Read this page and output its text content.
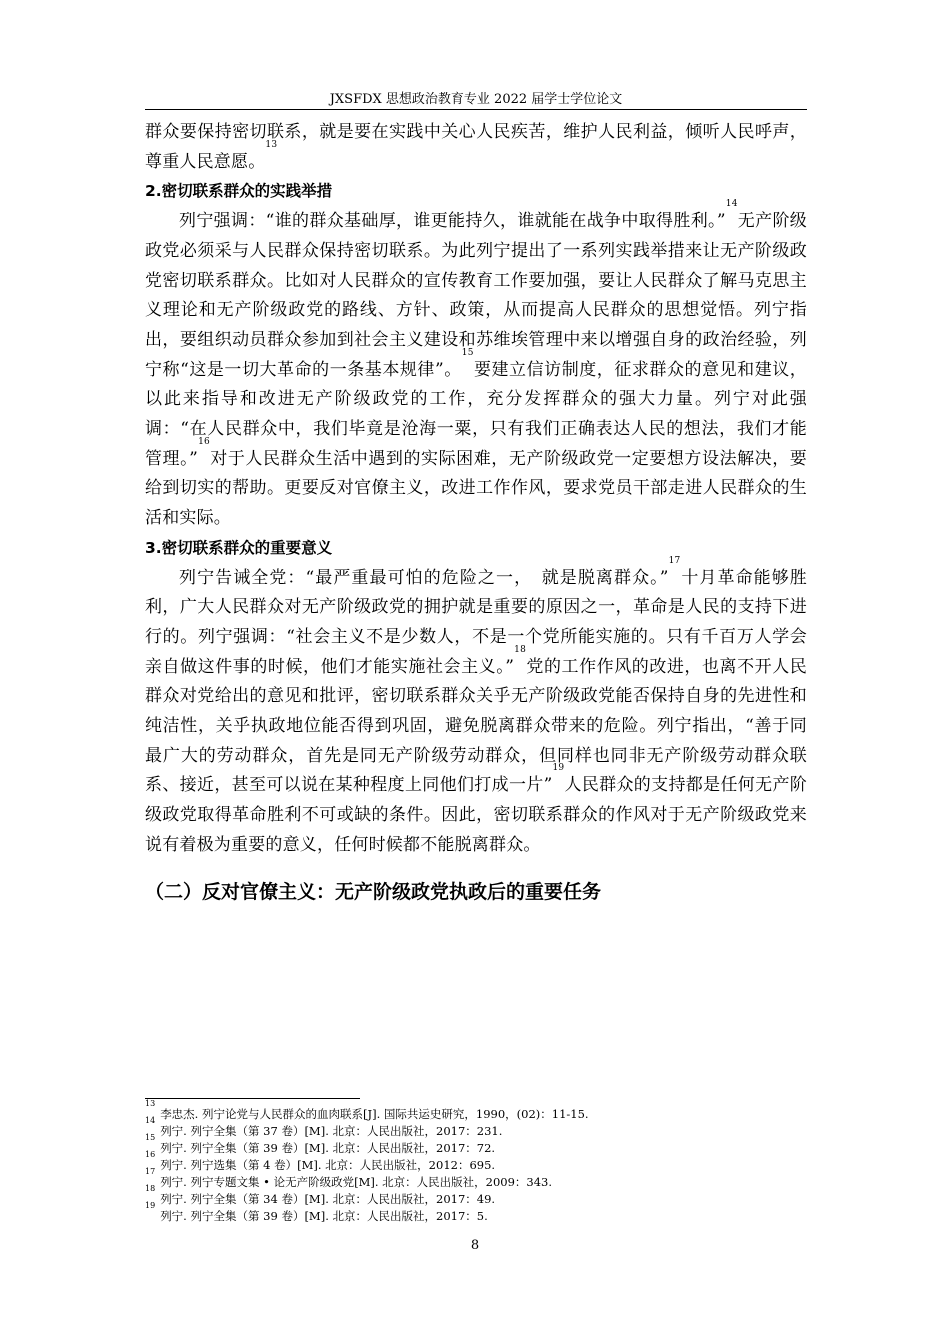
JXSFDX 思想政治教育专业 2022 届学士学位论文

群众要保持密切联系，就是要在实践中关心人民疾苦，维护人民利益，倾听人民呼声，尊重人民意愿。$^{13}$

2.密切联系群众的实践举措

列宁强调：“谁的群众基础厚，谁更能持久，谁就能在战争中取得胜利。”$^{14}$无产阶级政党必须采与人民群众保持密切联系。为此列宁提出了一系列实践举措来让无产阶级政党密切联系群众。比如对人民群众的宣传教育工作要加强，要让人民群众了解马克思主义理论和无产阶级政党的路线、方针、政策，从而提高人民群众的思想觉悟。列宁指出，要组织动员群众参加到社会主义建设和苏维埃管理中来以增强自身的政治经验，列宁称“这是一切大革命的一条基本规律”。$^{15}$要建立信访制度，征求群众的意见和建议，以此来指导和改进无产阶级政党的工作，充分发挥群众的强大力量。列宁对此强调：“在人民群众中，我们毕竟是沧海一粟，只有我们正确表达人民的想法，我们才能管理。”$^{16}$对于人民群众生活中遇到的实际困难，无产阶级政党一定要想方设法解决，要给到切实的帮助。更要反对官僚主义，改进工作作风，要求党员干部走进人民群众的生活和实际。

3.密切联系群众的重要意义

列宁告诫全党：“最严重最可怕的危险之一，　就是脱离群众。”$^{17}$十月革命能够胜利，广大人民群众对无产阶级政党的拥护就是重要的原因之一，革命是人民的支持下进行的。列宁强调：“社会主义不是少数人，不是一个党所能实施的。只有千百万人学会亲自做这件事的时候，他们才能实施社会主义。”$^{18}$党的工作作风的改进，也离不开人民群众对党给出的意见和批评，密切联系群众关乎无产阶级政党能否保持自身的先进性和纯洁性，关乎执政地位能否得到巩固，避免脱离群众带来的危险。列宁指出，“善于同最广大的劳动群众，首先是同无产阶级劳动群众，但同样也同非无产阶级劳动群众联系、接近，甚至可以说在某种程度上同他们打成一片”$^{19}$人民群众的支持都是任何无产阶级政党取得革命胜利不可或缺的条件。因此，密切联系群众的作风对于无产阶级政党来说有着极为重要的意义，任何时候都不能脱离群众。

（二）反对官僚主义：无产阶级政党执政后的重要任务

$^{13}$李忠杰. 列宁论党与人民群众的血肉联系[J]. 国际共运史研究，1990，(02)：11-15.

$^{14}$列宁. 列宁全集（第 37 卷）[M]. 北京：人民出版社，2017：231.

$^{15}$列宁. 列宁全集（第 39 卷）[M]. 北京：人民出版社，2017：72.

$^{16}$列宁. 列宁选集（第 4 卷）[M]. 北京：人民出版社，2012：695.

$^{17}$列宁. 列宁专题文集 • 论无产阶级政党[M]. 北京：人民出版社，2009：343.

$^{18}$列宁. 列宁全集（第 34 卷）[M]. 北京：人民出版社，2017：49.

$^{19}$列宁. 列宁全集（第 39 卷）[M]. 北京：人民出版社，2017：5.

8
